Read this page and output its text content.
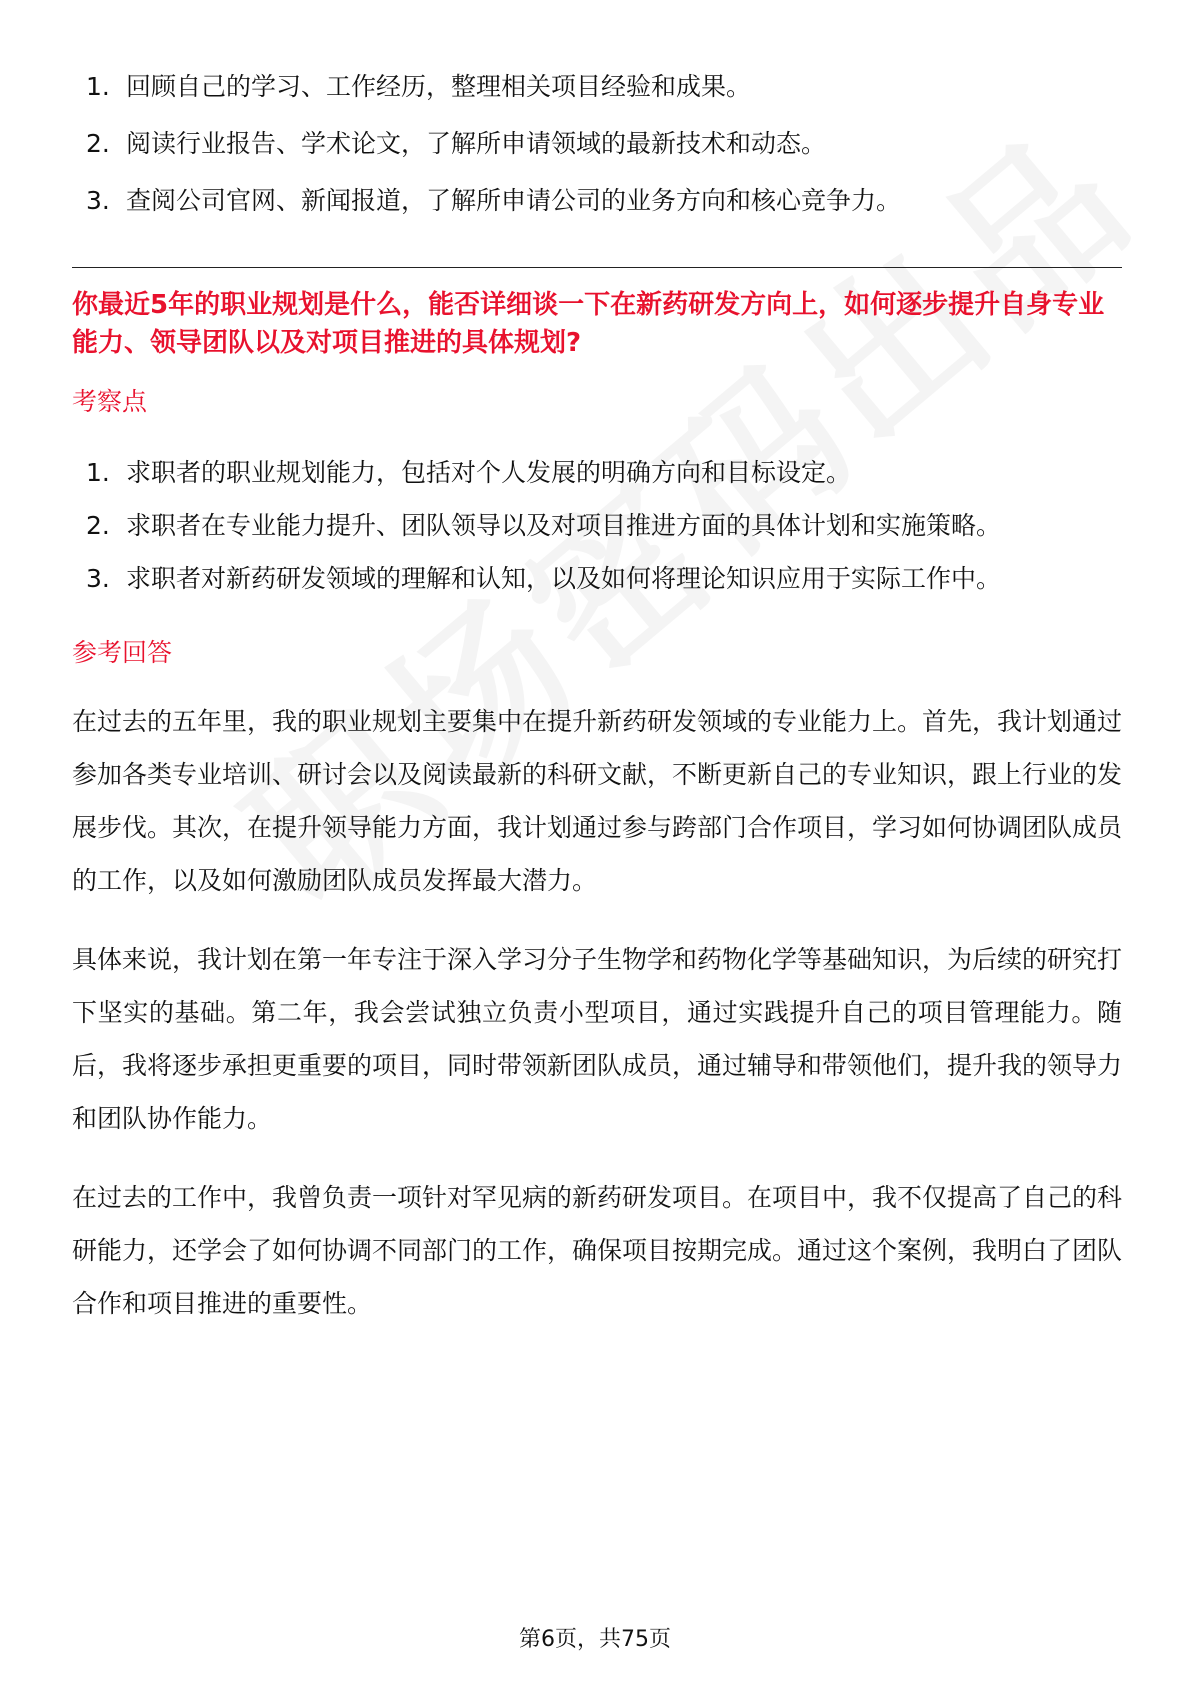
1. 回顾自己的学习、工作经历，整理相关项目经验和成果。
2. 阅读行业报告、学术论文，了解所申请领域的最新技术和动态。
3. 查阅公司官网、新闻报道，了解所申请公司的业务方向和核心竞争力。

你最近5年的职业规划是什么，能否详细谈一下在新药研发方向上，如何逐步提升自身专业能力、领导团队以及对项目推进的具体规划?

考察点

1. 求职者的职业规划能力，包括对个人发展的明确方向和目标设定。
2. 求职者在专业能力提升、团队领导以及对项目推进方面的具体计划和实施策略。
3. 求职者对新药研发领域的理解和认知，以及如何将理论知识应用于实际工作中。

参考回答

在过去的五年里，我的职业规划主要集中在提升新药研发领域的专业能力上。首先，我计划通过参加各类专业培训、研讨会以及阅读最新的科研文献，不断更新自己的专业知识，跟上行业的发展步伐。其次，在提升领导能力方面，我计划通过参与跨部门合作项目，学习如何协调团队成员的工作，以及如何激励团队成员发挥最大潜力。

具体来说，我计划在第一年专注于深入学习分子生物学和药物化学等基础知识，为后续的研究打下坚实的基础。第二年，我会尝试独立负责小型项目，通过实践提升自己的项目管理能力。随后，我将逐步承担更重要的项目，同时带领新团队成员，通过辅导和带领他们，提升我的领导力和团队协作能力。

在过去的工作中，我曾负责一项针对罕见病的新药研发项目。在项目中，我不仅提高了自己的科研能力，还学会了如何协调不同部门的工作，确保项目按期完成。通过这个案例，我明白了团队合作和项目推进的重要性。

第6页，共75页
